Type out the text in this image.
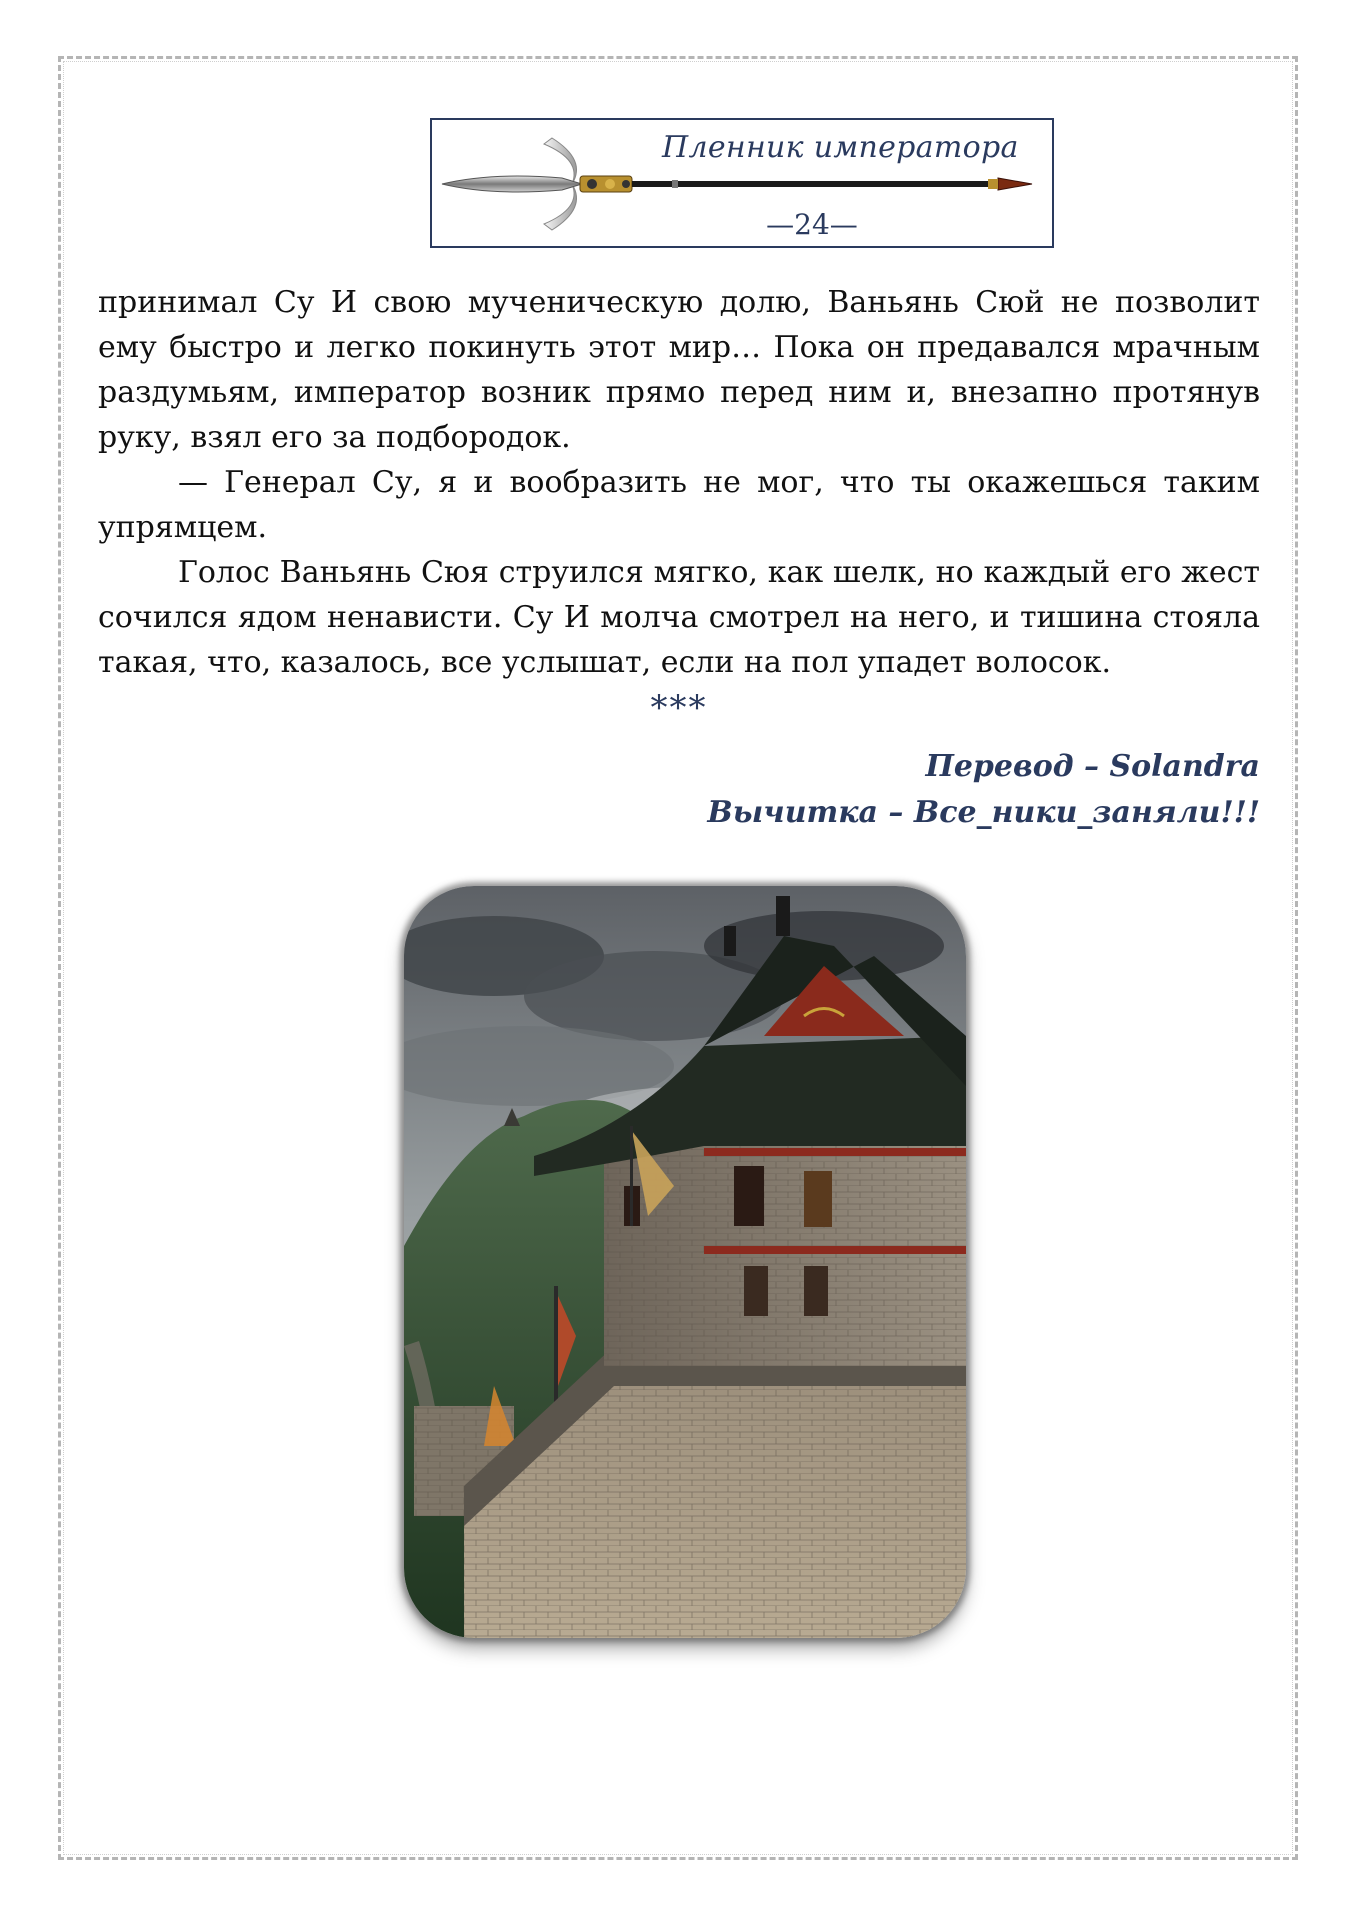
Пленник императора
—24—

принимал Су И свою мученическую долю, Ваньянь Сюй не позволит ему быстро и легко покинуть этот мир… Пока он предавался мрачным раздумьям, император возник прямо перед ним и, внезапно протянув руку, взял его за подбородок.

— Генерал Су, я и вообразить не мог, что ты окажешься таким упрямцем.

Голос Ваньянь Сюя струился мягко, как шелк, но каждый его жест сочился ядом ненависти. Су И молча смотрел на него, и тишина стояла такая, что, казалось, все услышат, если на пол упадет волосок.

***
Перевод – Solandra
Вычитка – Все_ники_заняли!!!
